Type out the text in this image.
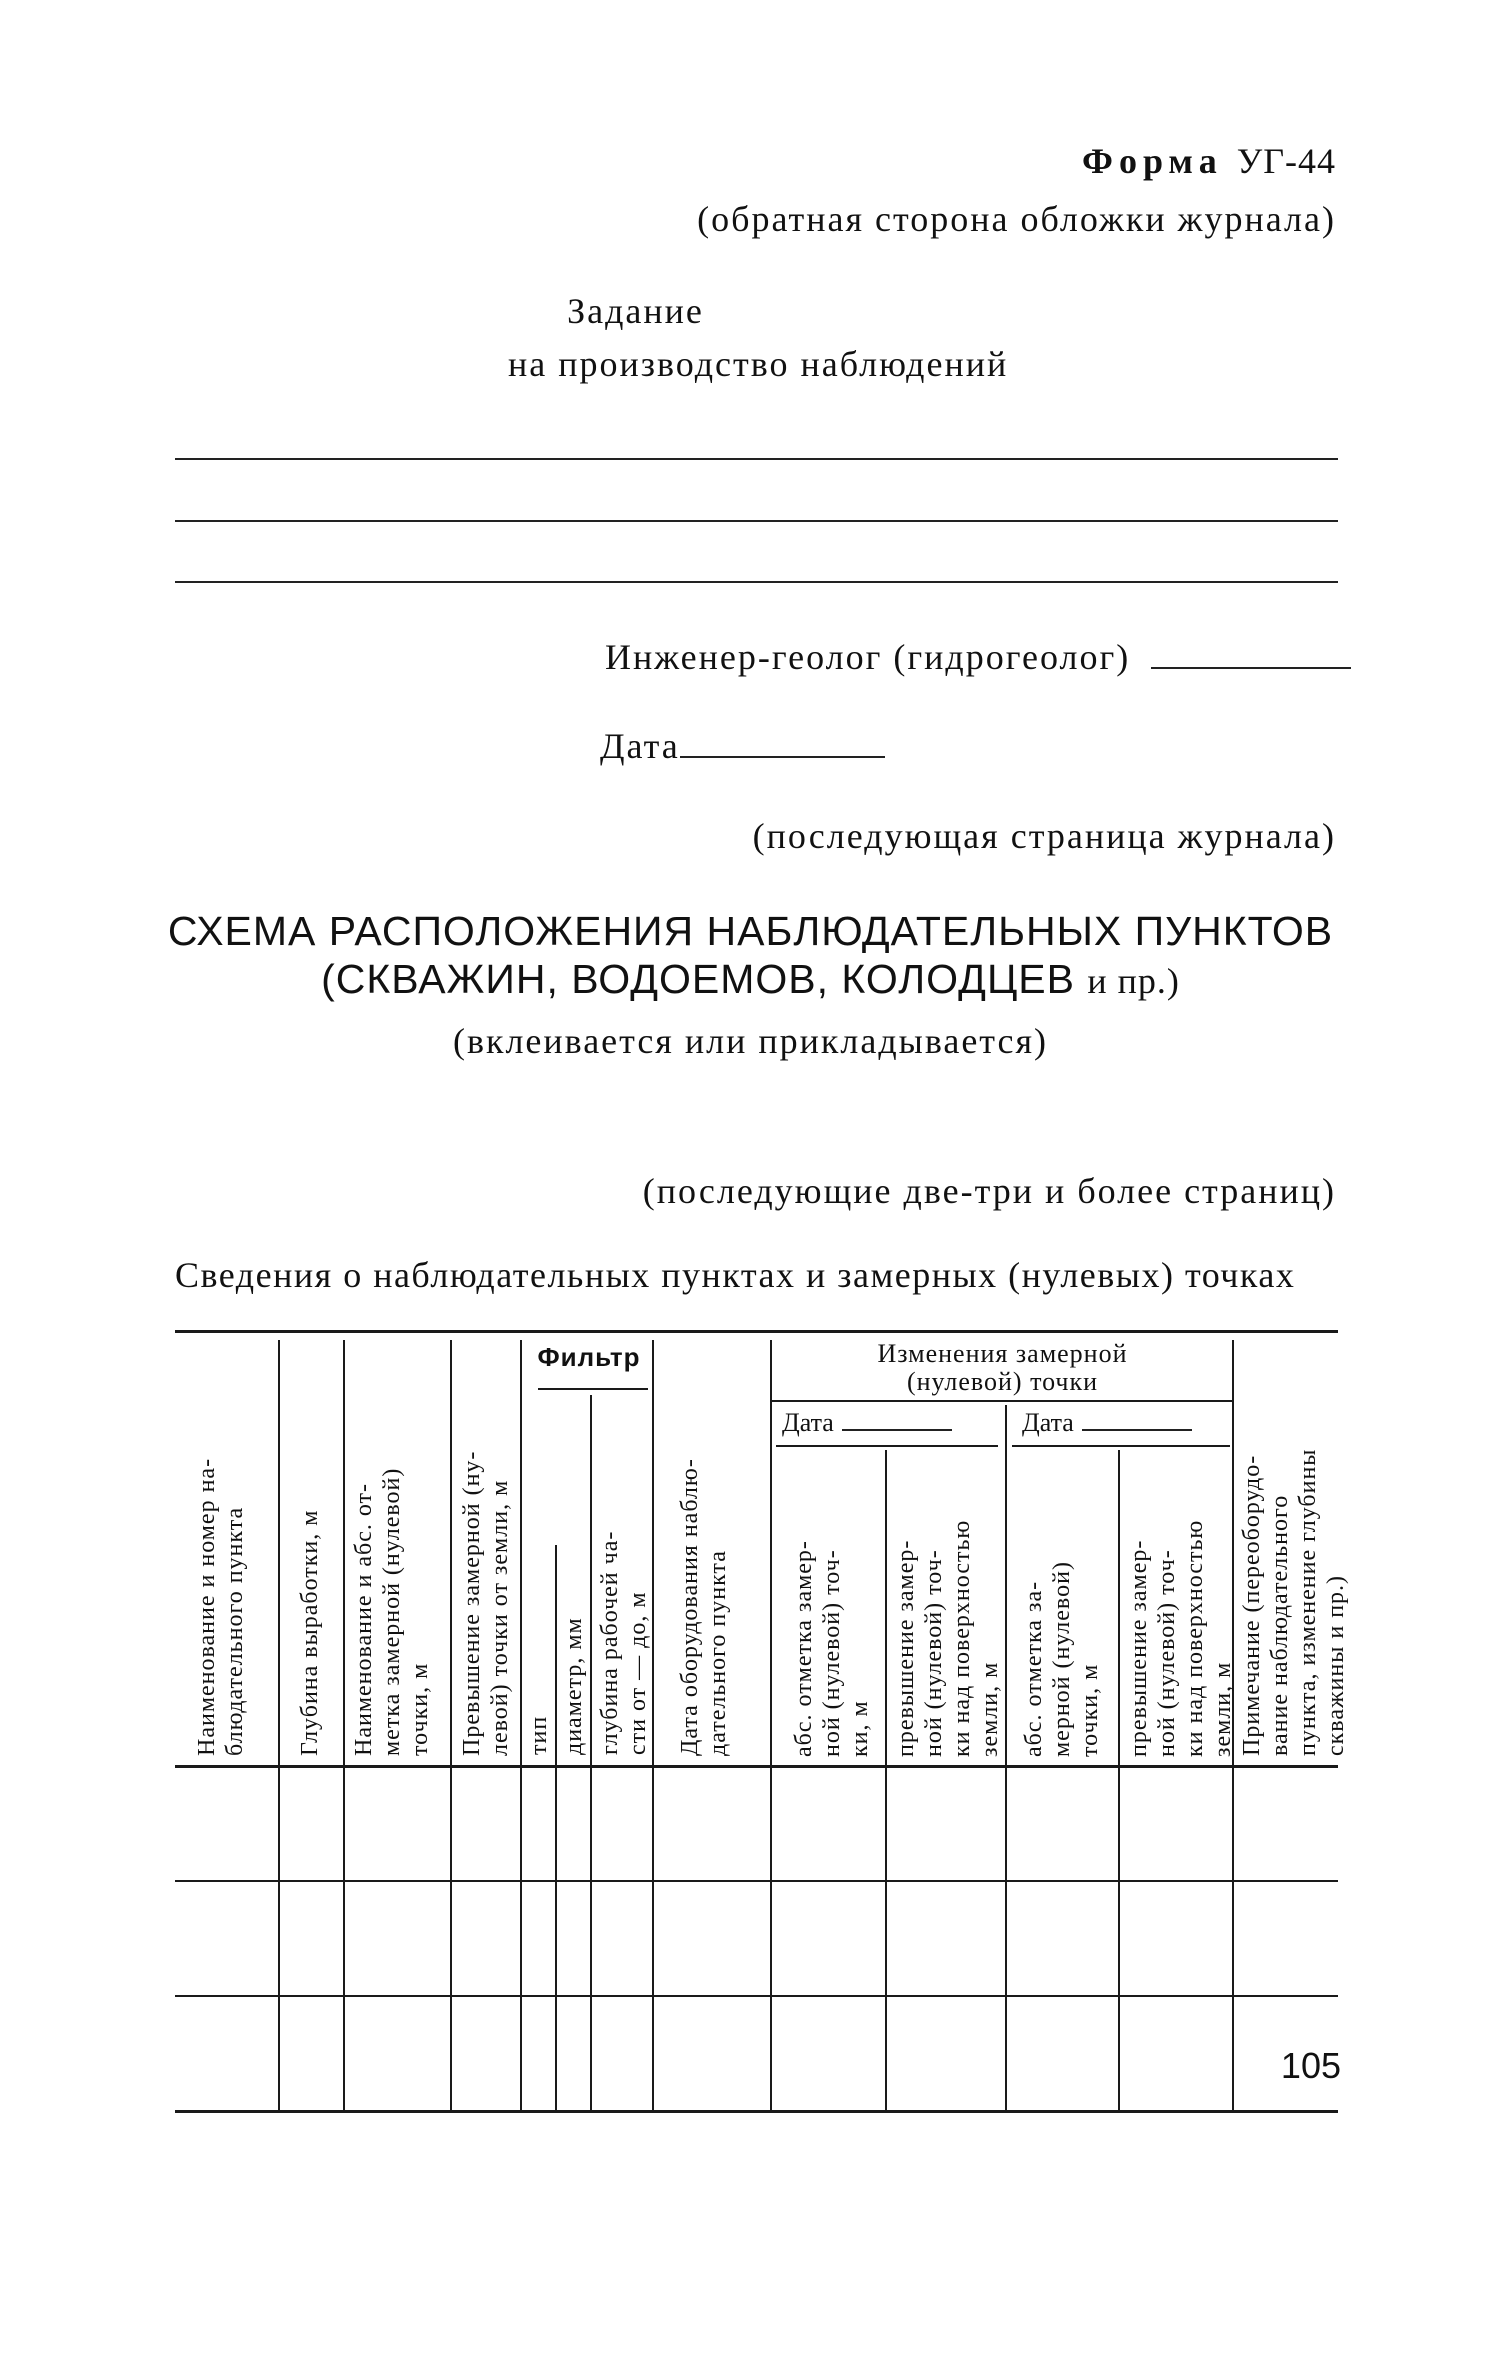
Форма УГ-44
(обратная сторона обложки журнала)
Задание
на производство наблюдений
Инженер-геолог (гидрогеолог)
Дата
(последующая страница журнала)
СХЕМА РАСПОЛОЖЕНИЯ НАБЛЮДАТЕЛЬНЫХ ПУНКТОВ
(СКВАЖИН, ВОДОЕМОВ, КОЛОДЦЕВ и пр.)
(вклеивается или прикладывается)
(последующие две-три и более страниц)
Сведения о наблюдательных пунктах и замерных (нулевых) точках
Наименование и номер на-
блюдательного пункта Глубина выработки, м Наименование и абс. от-
метка замерной (нулевой)
точки, м Превышение замерной (ну-
левой) точки от земли, м
Фильтр
тип диаметр, мм глубина рабочей ча-
сти от — до, м
Дата оборудования наблю-
дательного пункта
Изменения замерной
(нулевой) точки
Дата	Дата
абс. отметка замер-
ной (нулевой) точ-
ки, м превышение замер-
ной (нулевой) точ-
ки над поверхностью
земли, м
абс. отметка за-
мерной (нулевой)
точки, м превышение замер-
ной (нулевой) точ-
ки над поверхностью
земли, м Примечание (переоборудо-
вание наблюдательного
пункта, изменение глубины
скважины и пр.)
105
